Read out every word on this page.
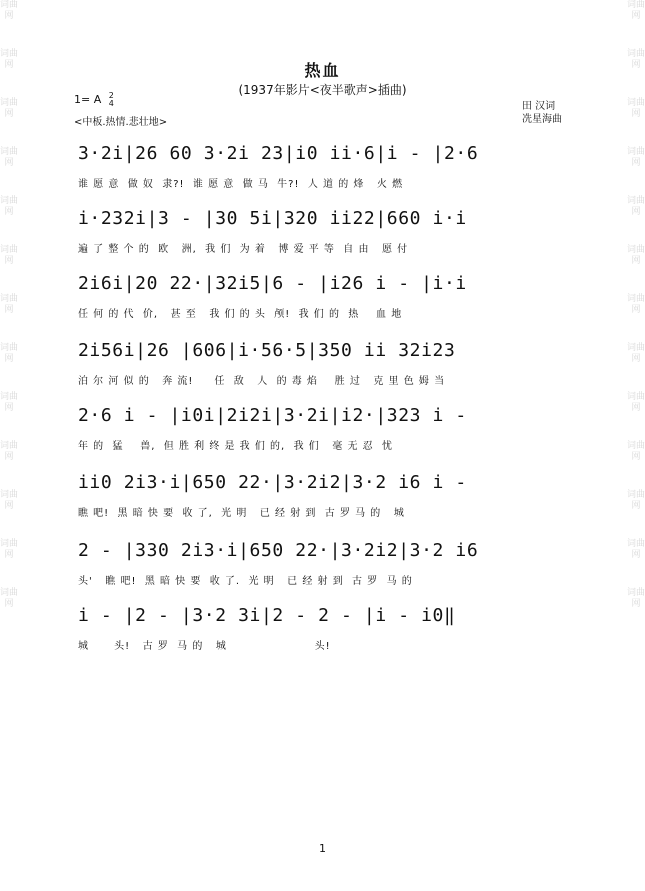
词曲网
词曲网
词曲网
词曲网
词曲网
词曲网
词曲网
词曲网
词曲网
词曲网
词曲网
词曲网
词曲网
词曲网
词曲网
词曲网
词曲网
词曲网
词曲网
词曲网
词曲网
词曲网
词曲网
词曲网
词曲网
词曲网
热血
(1937年影片<夜半歌声>插曲)
1= A 2
4
<中板.热情.悲壮地>
田 汉词
冼星海曲
3·2i|26 60 3·2i 23|i0 ii·6|i - |2·6
谁 愿 意  做 奴  隶?!  谁 愿 意  做 马  牛?!  人 道 的 烽   火 燃
i·232i|3 - |30 5i|320 ii22|660 i·i
遍 了 整 个 的  欧   洲,  我 们  为 着   博 爱 平 等  自 由   愿 付
2i6i|20 22·|32i5|6 - |i26 i - |i·i
任 何 的 代  价,   甚 至   我 们 的 头  颅!  我 们 的  热    血 地
2i56i|26 |606|i·56·5|350 ii 32i23
泊 尔 河 似 的   奔 流!     任  敌   人  的 毒 焰    胜 过   克 里 色 姆 当
2·6 i - |i0i|2i2i|3·2i|i2·|323 i -
年 的  猛    兽,  但 胜 利 终 是 我 们 的,  我 们   毫 无 忍  忧
ii0 2i3·i|650 22·|3·2i2|3·2 i6 i -
瞧 吧!  黑 暗 快 要  收 了,  光 明   已 经 射 到  古 罗 马 的   城
2 - |330 2i3·i|650 22·|3·2i2|3·2 i6
头'   瞧 吧!  黑 暗 快 要  收 了.  光 明   已 经 射 到  古 罗  马 的
i - |2 - |3·2 3i|2 - 2 - |i - i0‖
城      头!   古 罗  马 的   城                     头!
1
